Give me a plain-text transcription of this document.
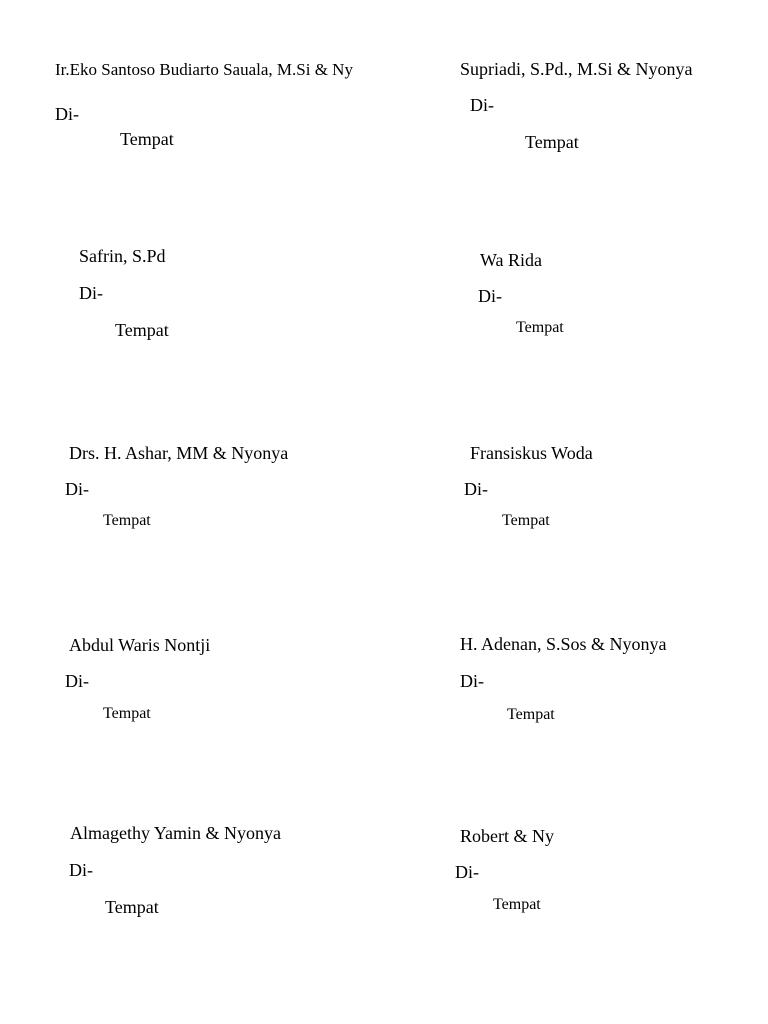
Ir.Eko Santoso Budiarto Sauala, M.Si & Ny
Di-
Tempat
Supriadi, S.Pd., M.Si & Nyonya
Di-
Tempat
Safrin, S.Pd
Di-
Tempat
Wa Rida
Di-
Tempat
Drs. H. Ashar, MM & Nyonya
Di-
Tempat
Fransiskus Woda
Di-
Tempat
Abdul Waris Nontji
Di-
Tempat
H. Adenan, S.Sos & Nyonya
Di-
Tempat
Almagethy Yamin & Nyonya
Di-
Tempat
Robert & Ny
Di-
Tempat
